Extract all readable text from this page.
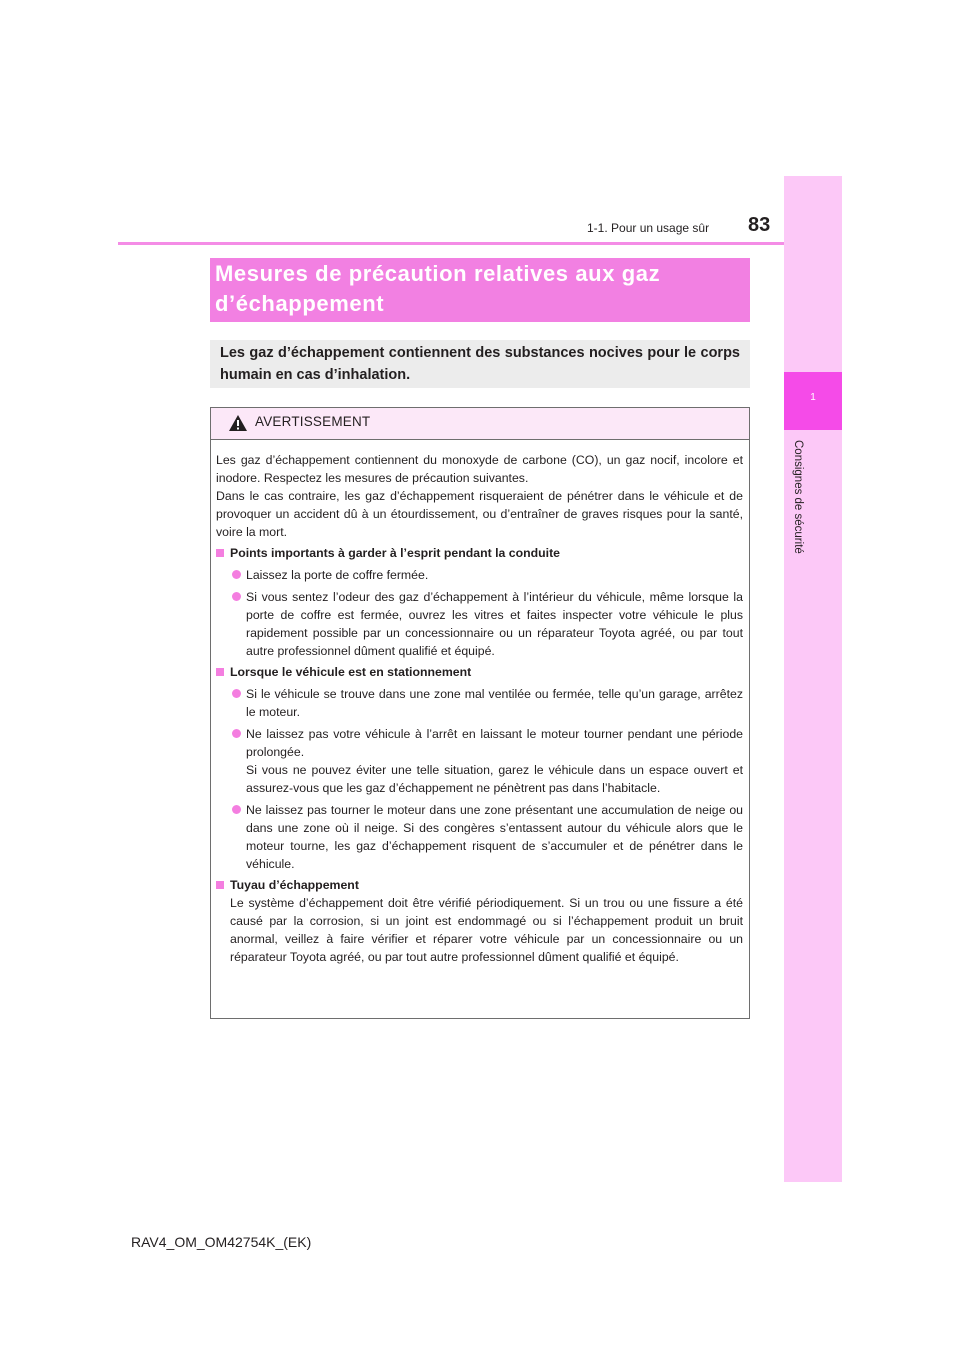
1
Consignes de sécurité
1-1. Pour un usage sûr 83
Mesures de précaution relatives aux gaz
d’échappement

Les gaz d’échappement contiennent des substances nocives pour le corps humain en cas d’inhalation.

AVERTISSEMENT

Les gaz d’échappement contiennent du monoxyde de carbone (CO), un gaz nocif, incolore et inodore. Respectez les mesures de précaution suivantes.

Dans le cas contraire, les gaz d’échappement risqueraient de pénétrer dans le véhicule et de provoquer un accident dû à un étourdissement, ou d’entraîner de graves risques pour la santé, voire la mort.

Points importants à garder à l’esprit pendant la conduite

Laissez la porte de coffre fermée.

Si vous sentez l’odeur des gaz d’échappement à l’intérieur du véhicule, même lorsque la porte de coffre est fermée, ouvrez les vitres et faites inspecter votre véhicule le plus rapidement possible par un concessionnaire ou un réparateur Toyota agréé, ou par tout autre professionnel dûment qualifié et équipé.

Lorsque le véhicule est en stationnement

Si le véhicule se trouve dans une zone mal ventilée ou fermée, telle qu’un garage, arrêtez le moteur.

Ne laissez pas votre véhicule à l’arrêt en laissant le moteur tourner pendant une période prolongée.
Si vous ne pouvez éviter une telle situation, garez le véhicule dans un espace ouvert et assurez-vous que les gaz d’échappement ne pénètrent pas dans l’habitacle.

Ne laissez pas tourner le moteur dans une zone présentant une accumulation de neige ou dans une zone où il neige. Si des congères s’entassent autour du véhicule alors que le moteur tourne, les gaz d’échappement risquent de s’accumuler et de pénétrer dans le véhicule.

Tuyau d’échappement

Le système d’échappement doit être vérifié périodiquement. Si un trou ou une fissure a été causé par la corrosion, si un joint est endommagé ou si l’échappement produit un bruit anormal, veillez à faire vérifier et réparer votre véhicule par un concessionnaire ou un réparateur Toyota agréé, ou par tout autre professionnel dûment qualifié et équipé.

RAV4_OM_OM42754K_(EK)
